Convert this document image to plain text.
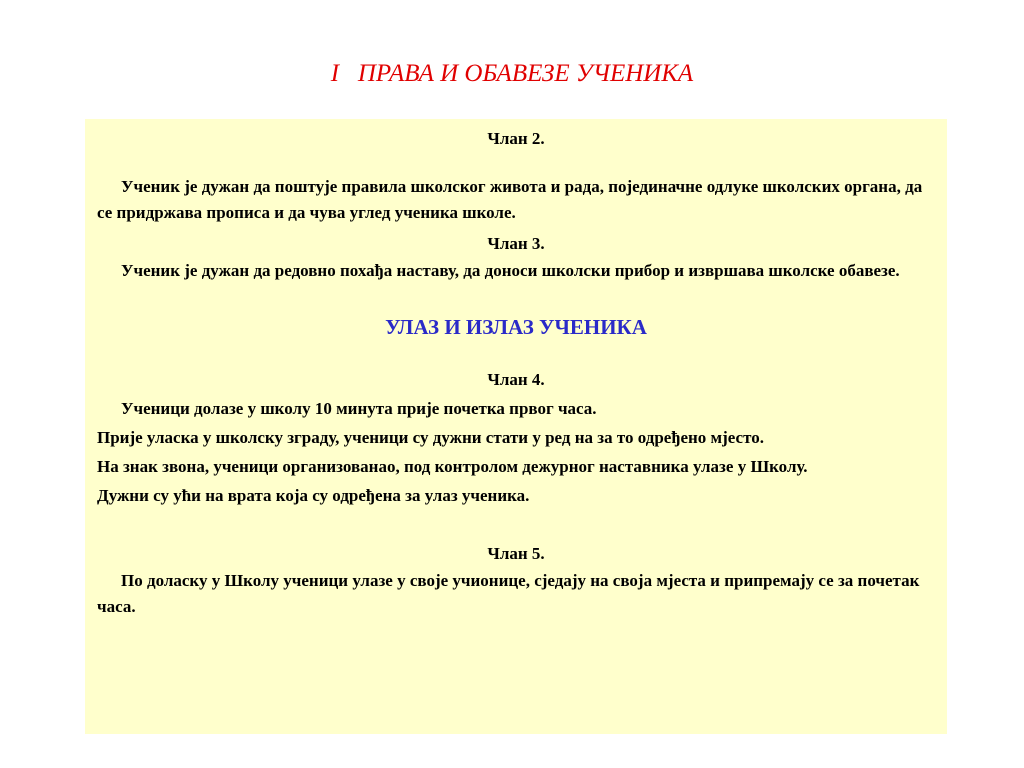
I   ПРАВА И ОБАВЕЗЕ УЧЕНИКА

Члан 2.

Ученик је дужан да поштује правила школског живота и рада, појединачне одлуке школских органа, да се придржава прописа и да чува углед ученика школе.

Члан 3.

Ученик је дужан да редовно похађа наставу, да доноси школски прибор и извршава школске обавезе.

УЛАЗ И ИЗЛАЗ УЧЕНИКА

Члан 4.

Ученици долазе у школу 10 минута прије почетка првог часа.

Прије уласка у школску зграду, ученици су дужни стати у ред на за то одређено мјесто.

На знак звона, ученици организованао, под контролом дежурног наставника улазе у Школу.

Дужни су ући на врата која су одређена за улаз ученика.

Члан 5.

По доласку у Школу ученици улазе у своје учионице, сједају на своја мјеста и припремају се за почетак часа.
